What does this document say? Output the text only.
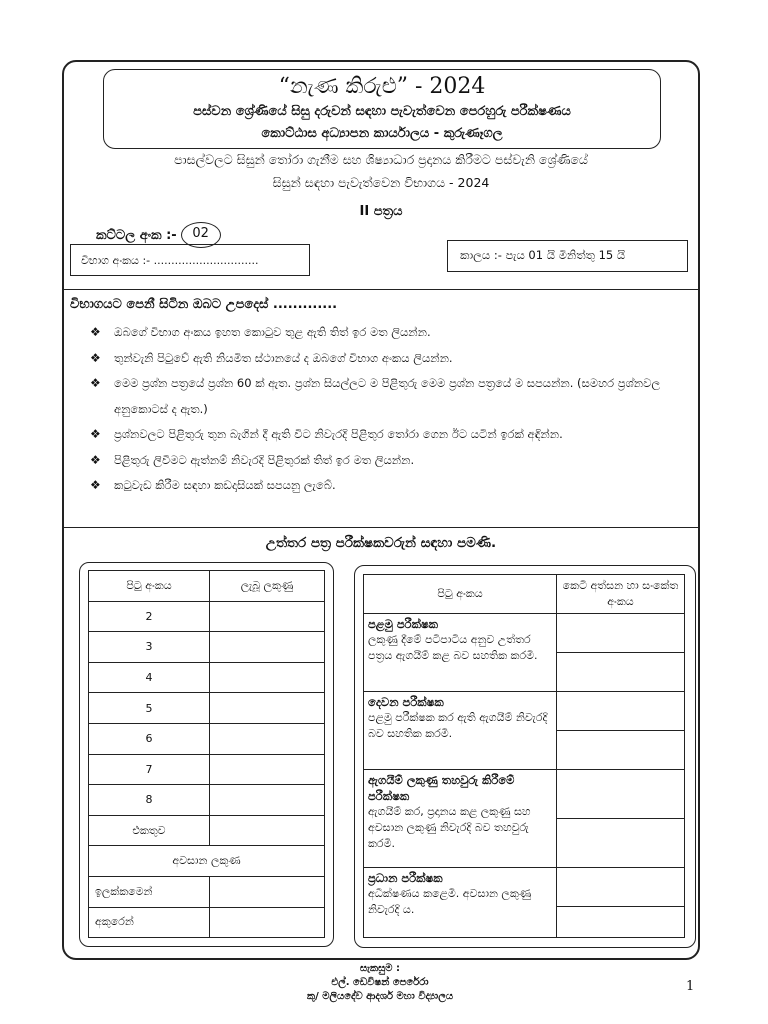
“නැණ කිරුළු” - 2024
පස්වන ශ්‍රේණියේ සිසු දරුවන් සඳහා පැවැත්වෙන පෙරහුරු පරීක්ෂණය
කොට්ඨාස අධ්‍යාපන කාර්යාලය - කුරුණෑගල
පාසල්වලට සිසුන් තෝරා ගැනීම සහ ශිෂ්‍යාධාර ප්‍රදානය කිරීමට පස්වැනි ශ්‍රේණියේ
සිසුන් සඳහා පැවැත්වෙන විභාගය - 2024
II පත්‍රය
කට්ටල අංක :-	02
විභාග අංකය :- ..............................	කාලය :- පැය 01 යි මිනිත්තු 15 යි
විභාගයට පෙනී සිටින ඔබට උපදෙස් .............
❖ ඔබගේ විභාග අංකය ඉහත කොටුව තුළ ඇති තිත් ඉර මත ලියන්න.
❖ තුන්වැනි පිටුවේ ඇති නියමිත ස්ථානයේ ද ඔබගේ විභාග අංකය ලියන්න.
❖ මෙම ප්‍රශ්න පත්‍රයේ ප්‍රශ්න 60 ක් ඇත. ප්‍රශ්න සියල්ලට ම පිළිතුරු මෙම ප්‍රශ්න පත්‍රයේ ම සපයන්න. (සමහර ප්‍රශ්නවල අනුකොටස් ද ඇත.)
❖ ප්‍රශ්නවලට පිළිතුරු තුන බැගින් දී ඇති විට නිවැරදි පිළිතුර තෝරා ගෙන ඊට යටින් ඉරක් අඳින්න.
❖ පිළිතුරු ලිවීමට ඇත්නම් නිවැරදි පිළිතුරක් තිත් ඉර මත ලියන්න.
❖ කටුවැඩ කිරීම සඳහා කඩදාසියක් සපයනු ලැබේ.
උත්තර පත්‍ර පරීක්ෂකවරුන් සඳහා පමණි.
පිටු අංකය	ලැබූ ලකුණු
2	
3	
4	
5	
6	
7	
8	
එකතුව	
අවසාන ලකුණ	
ඉලක්කමෙන්	
අකුරෙන්	
පිටු අංකය	කෙටි අත්සන හා සංකේත අංකය

පළමු පරීක්ෂක
ලකුණු දීමේ පටිපාටිය අනුව උත්තර පත්‍රය ඇගයීම් කළ බව සහතික කරමි.	

දෙවන පරීක්ෂක
පළමු පරීක්ෂක කර ඇති ඇගයීම් නිවැරදි බව සහතික කරමි.	

ඇගයීම් ලකුණු තහවුරු කිරීමේ පරීක්ෂක
ඇගයීම් කර, ප්‍රදානය කළ ලකුණු සහ අවසාන ලකුණු නිවැරදි බව තහවුරු කරමි.	

ප්‍රධාන පරීක්ෂක
අධීක්ෂණය කළෙමි. අවසාන ලකුණු නිවැරදි ය.	

සැකසුම :
එල්. ඩෙවිෂන් පෙරේරා
කු/ මලියදේව ආදර්ශ මහා විද්‍යාලය
1
